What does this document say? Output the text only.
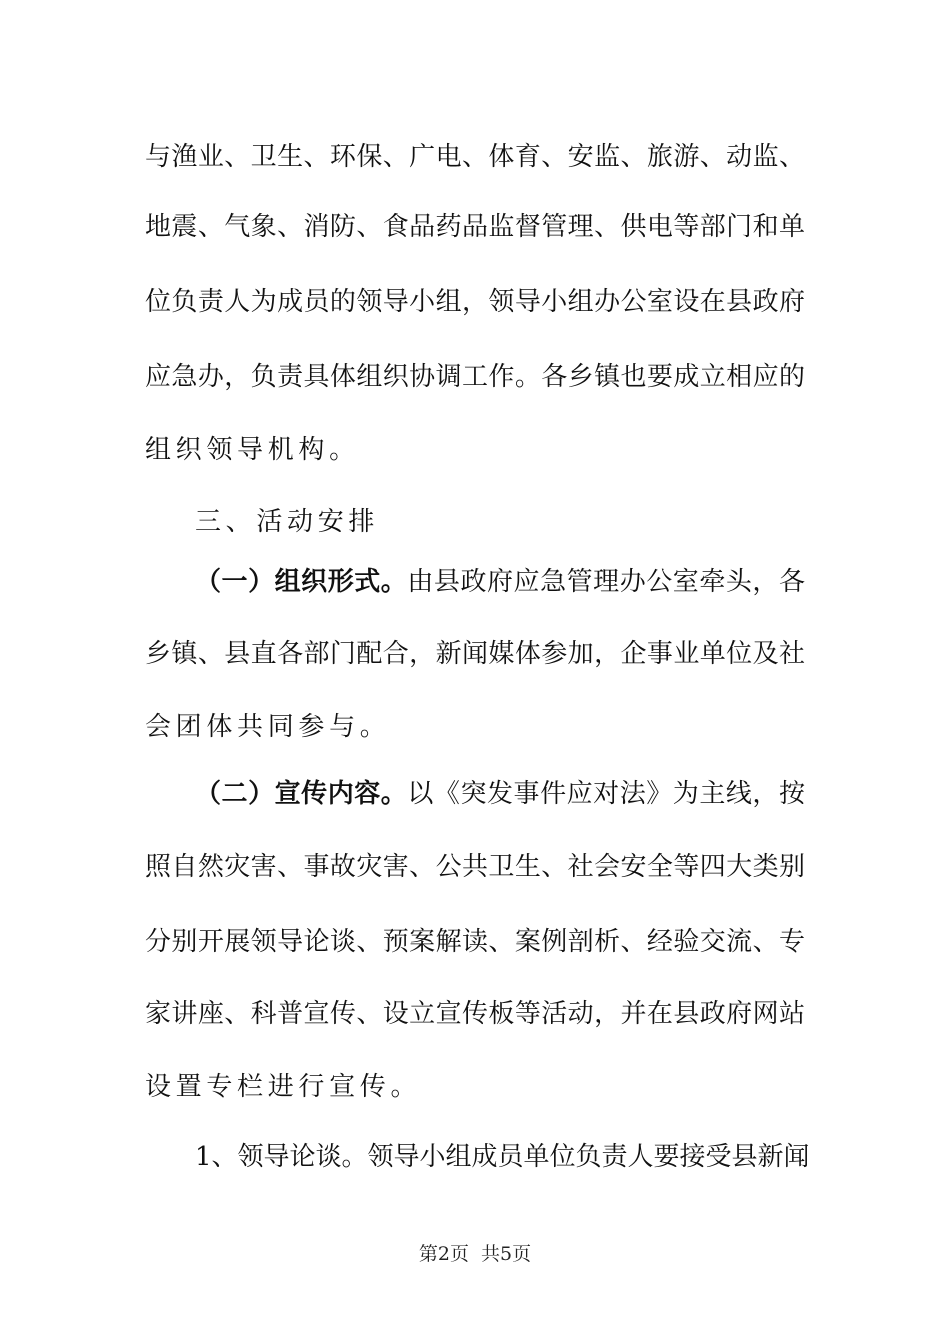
与渔业、卫生、环保、广电、体育、安监、旅游、动监、
地震、气象、消防、食品药品监督管理、供电等部门和单
位负责人为成员的领导小组，领导小组办公室设在县政府
应急办，负责具体组织协调工作。各乡镇也要成立相应的
组织领导机构。
三、活动安排
（一）组织形式。由县政府应急管理办公室牵头，各
乡镇、县直各部门配合，新闻媒体参加，企事业单位及社
会团体共同参与。
（二）宣传内容。以《突发事件应对法》为主线，按
照自然灾害、事故灾害、公共卫生、社会安全等四大类别
分别开展领导论谈、预案解读、案例剖析、经验交流、专
家讲座、科普宣传、设立宣传板等活动，并在县政府网站
设置专栏进行宣传。
1、领导论谈。领导小组成员单位负责人要接受县新闻
第2页 共5页
